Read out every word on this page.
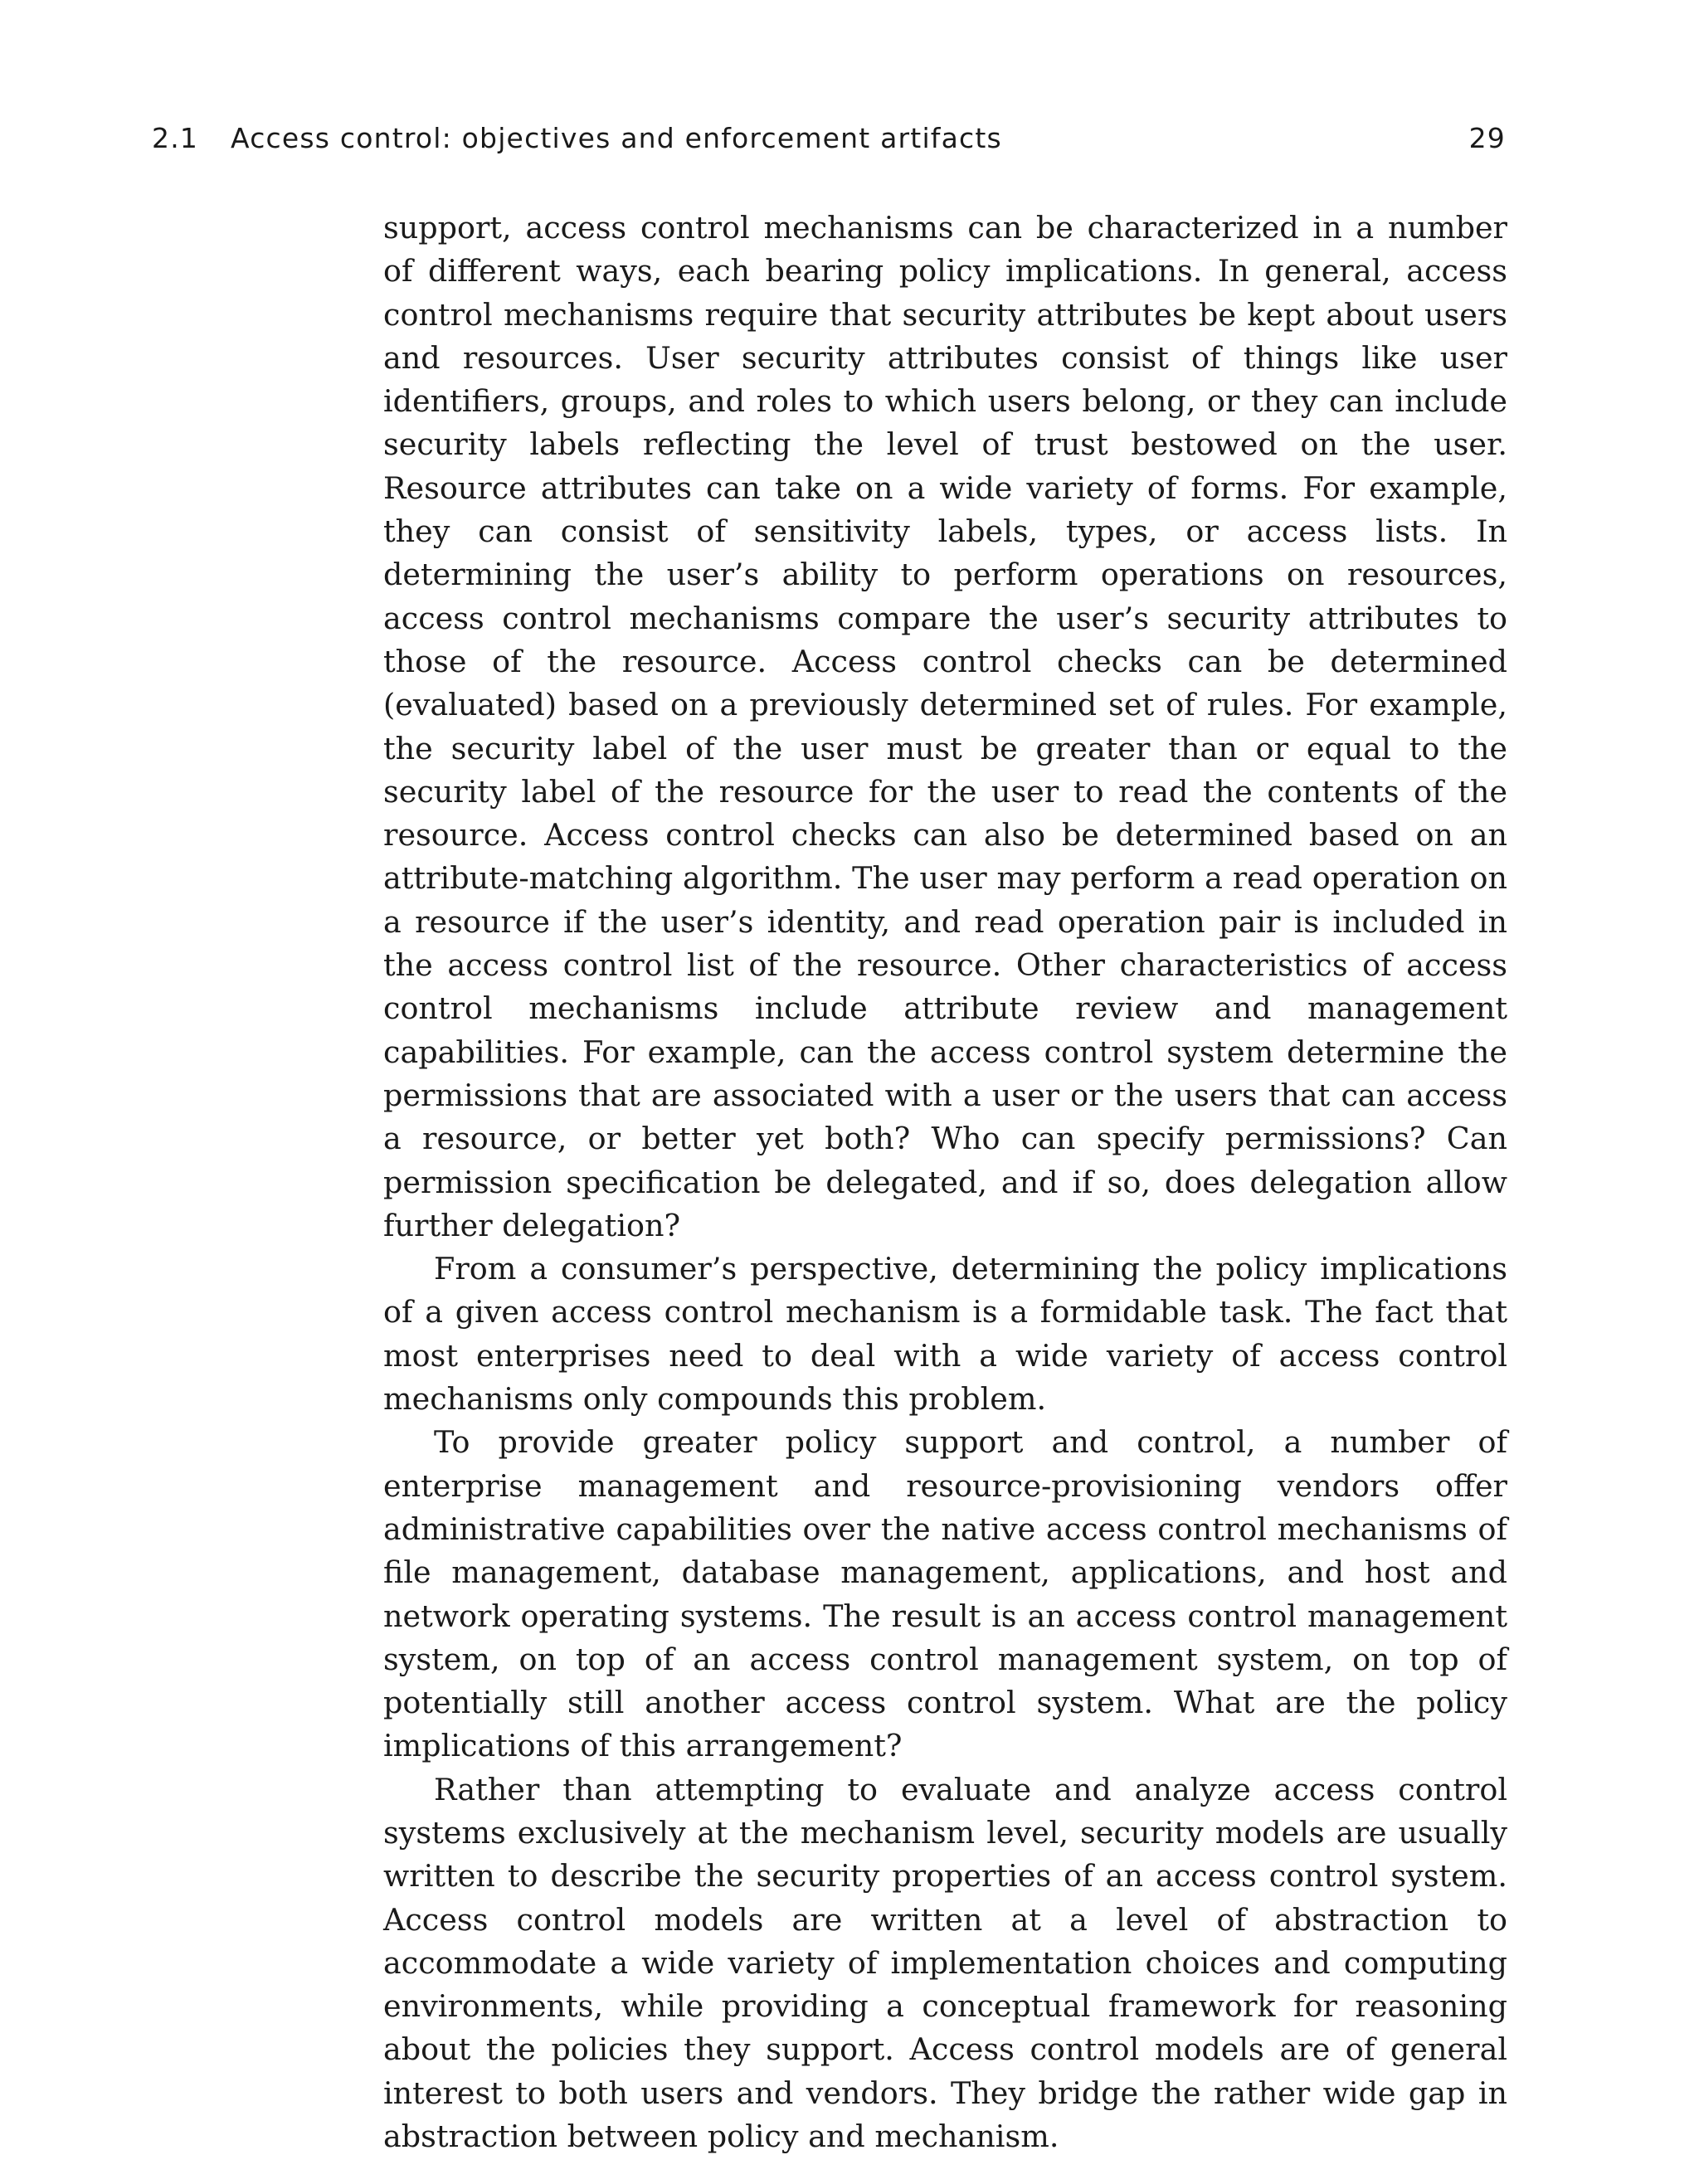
2.1 Access control: objectives and enforcement artifacts	29

support, access control mechanisms can be characterized in a number of different ways, each bearing policy implications. In general, access control mechanisms require that security attributes be kept about users and resources. User security attributes consist of things like user identifiers, groups, and roles to which users belong, or they can include security labels reflecting the level of trust bestowed on the user. Resource attributes can take on a wide variety of forms. For example, they can consist of sensitivity labels, types, or access lists. In determining the user’s ability to perform operations on resources, access control mechanisms compare the user’s security attributes to those of the resource. Access control checks can be determined (evaluated) based on a previously determined set of rules. For example, the security label of the user must be greater than or equal to the security label of the resource for the user to read the contents of the resource. Access control checks can also be determined based on an attribute-matching algorithm. The user may perform a read operation on a resource if the user’s identity, and read operation pair is included in the access control list of the resource. Other characteristics of access control mechanisms include attribute review and management capabilities. For example, can the access control system determine the permissions that are associated with a user or the users that can access a resource, or better yet both? Who can specify permissions? Can permission specification be delegated, and if so, does delegation allow further delegation?

From a consumer’s perspective, determining the policy implications of a given access control mechanism is a formidable task. The fact that most enterprises need to deal with a wide variety of access control mechanisms only compounds this problem.

To provide greater policy support and control, a number of enterprise management and resource-provisioning vendors offer administrative capabilities over the native access control mechanisms of file management, database management, applications, and host and network operating systems. The result is an access control management system, on top of an access control management system, on top of potentially still another access control system. What are the policy implications of this arrangement?

Rather than attempting to evaluate and analyze access control systems exclusively at the mechanism level, security models are usually written to describe the security properties of an access control system. Access control models are written at a level of abstraction to accommodate a wide variety of implementation choices and computing environments, while providing a conceptual framework for reasoning about the policies they support. Access control models are of general interest to both users and vendors. They bridge the rather wide gap in abstraction between policy and mechanism.
